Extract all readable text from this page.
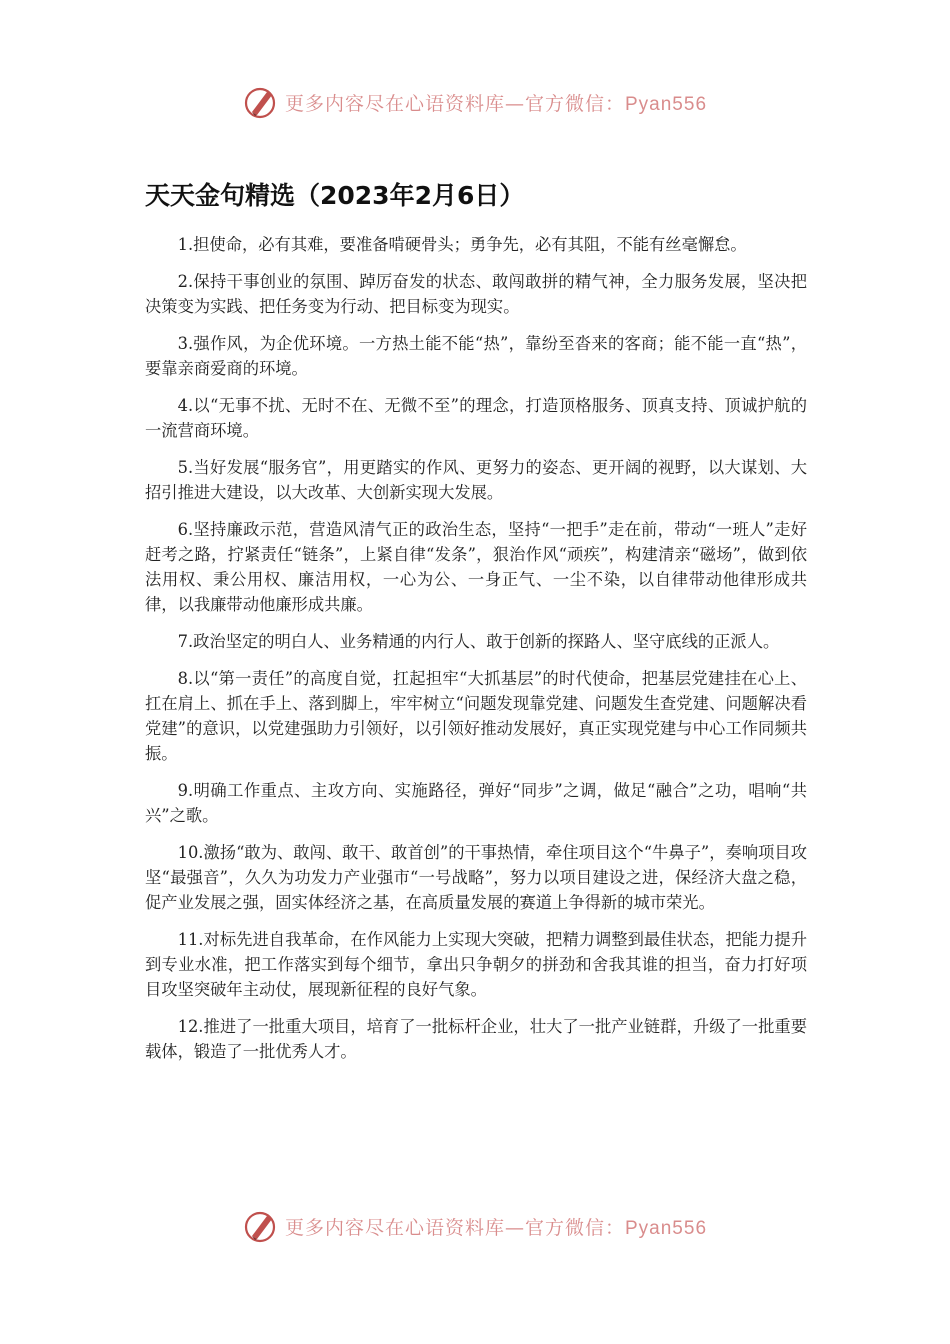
更多内容尽在心语资料库—官方微信：Pyan556
天天金句精选（2023年2月6日）

1.担使命，必有其难，要准备啃硬骨头；勇争先，必有其阻，不能有丝毫懈怠。

2.保持干事创业的氛围、踔厉奋发的状态、敢闯敢拼的精气神，全力服务发展，坚决把决策变为实践、把任务变为行动、把目标变为现实。

3.强作风，为企优环境。一方热土能不能“热”，靠纷至沓来的客商；能不能一直“热”，要靠亲商爱商的环境。

4.以“无事不扰、无时不在、无微不至”的理念，打造顶格服务、顶真支持、顶诚护航的一流营商环境。

5.当好发展“服务官”，用更踏实的作风、更努力的姿态、更开阔的视野，以大谋划、大招引推进大建设，以大改革、大创新实现大发展。

6.坚持廉政示范，营造风清气正的政治生态，坚持“一把手”走在前，带动“一班人”走好赶考之路，拧紧责任“链条”，上紧自律“发条”，狠治作风“顽疾”，构建清亲“磁场”，做到依法用权、秉公用权、廉洁用权，一心为公、一身正气、一尘不染，以自律带动他律形成共律，以我廉带动他廉形成共廉。

7.政治坚定的明白人、业务精通的内行人、敢于创新的探路人、坚守底线的正派人。

8.以“第一责任”的高度自觉，扛起担牢“大抓基层”的时代使命，把基层党建挂在心上、扛在肩上、抓在手上、落到脚上，牢牢树立“问题发现靠党建、问题发生查党建、问题解决看党建”的意识，以党建强助力引领好，以引领好推动发展好，真正实现党建与中心工作同频共振。

9.明确工作重点、主攻方向、实施路径，弹好“同步”之调，做足“融合”之功，唱响“共兴”之歌。

10.激扬“敢为、敢闯、敢干、敢首创”的干事热情，牵住项目这个“牛鼻子”，奏响项目攻坚“最强音”，久久为功发力产业强市“一号战略”，努力以项目建设之进，保经济大盘之稳，促产业发展之强，固实体经济之基，在高质量发展的赛道上争得新的城市荣光。

11.对标先进自我革命，在作风能力上实现大突破，把精力调整到最佳状态，把能力提升到专业水准，把工作落实到每个细节，拿出只争朝夕的拼劲和舍我其谁的担当，奋力打好项目攻坚突破年主动仗，展现新征程的良好气象。

12.推进了一批重大项目，培育了一批标杆企业，壮大了一批产业链群，升级了一批重要载体，锻造了一批优秀人才。

更多内容尽在心语资料库—官方微信：Pyan556
